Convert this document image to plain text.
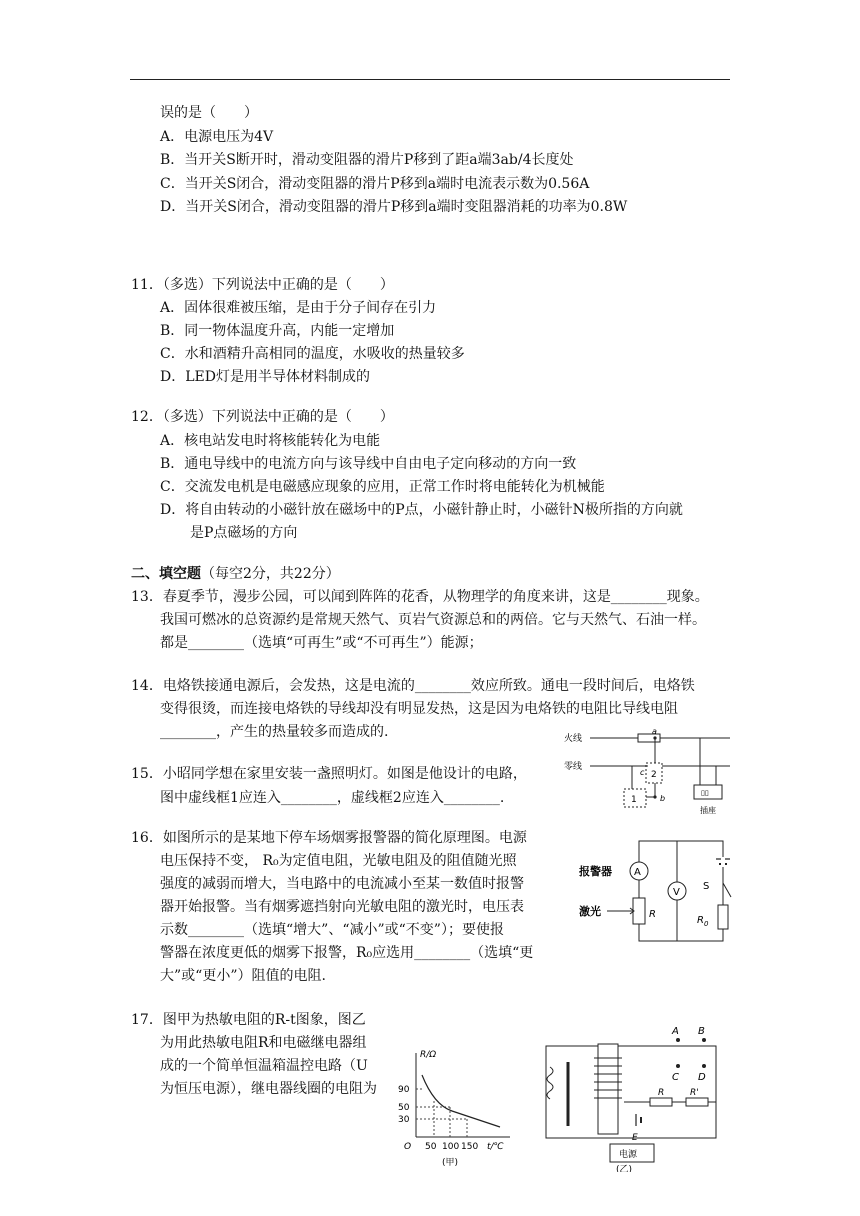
误的是（　　）
A．电源电压为4V
B．当开关S断开时，滑动变阻器的滑片P移到了距a端3ab/4长度处
C．当开关S闭合，滑动变阻器的滑片P移到a端时电流表示数为0.56A
D．当开关S闭合，滑动变阻器的滑片P移到a端时变阻器消耗的功率为0.8W
11．（多选）下列说法中正确的是（　　）
A．固体很难被压缩，是由于分子间存在引力
B．同一物体温度升高，内能一定增加
C．水和酒精升高相同的温度，水吸收的热量较多
D．LED灯是用半导体材料制成的
12．（多选）下列说法中正确的是（　　）
A．核电站发电时将核能转化为电能
B．通电导线中的电流方向与该导线中自由电子定向移动的方向一致
C．交流发电机是电磁感应现象的应用，正常工作时将电能转化为机械能
D．将自由转动的小磁针放在磁场中的P点，小磁针静止时，小磁针N极所指的方向就
是P点磁场的方向
二、填空题（每空2分，共22分）
13．春夏季节，漫步公园，可以闻到阵阵的花香，从物理学的角度来讲，这是________现象。
我国可燃冰的总资源约是常规天然气、页岩气资源总和的两倍。它与天然气、石油一样。
都是________（选填“可再生”或“不可再生”）能源；
14．电烙铁接通电源后，会发热，这是电流的________效应所致。通电一段时间后，电烙铁
变得很烫，而连接电烙铁的导线却没有明显发热，这是因为电烙铁的电阻比导线电阻
________，产生的热量较多而造成的.
15．小昭同学想在家里安装一盏照明灯。如图是他设计的电路，
图中虚线框1应连入________，虚线框2应连入________.
16．如图所示的是某地下停车场烟雾报警器的简化原理图。电源
电压保持不变， R₀为定值电阻，光敏电阻及的阻值随光照
强度的减弱而增大，当电路中的电流减小至某一数值时报警
器开始报警。当有烟雾遮挡射向光敏电阻的激光时，电压表
示数________（选填“增大”、“减小”或“不变”）；要使报
警器在浓度更低的烟雾下报警，R₀应选用________（选填“更
大”或“更小”）阻值的电阻.
17．图甲为热敏电阻的R-t图象，图乙
为用此热敏电阻R和电磁继电器组
成的一个简单恒温箱温控电路（U
为恒压电源），继电器线圈的电阻为
火线
零线
a
c 2
b
1
▯▯
插座
A
报警器
R
激光
V
S
$R_0$
R/Ω
90
50
30
O 50 100 150 t/℃
(甲)
A B
C D
R	R'
E
电源
(乙)
